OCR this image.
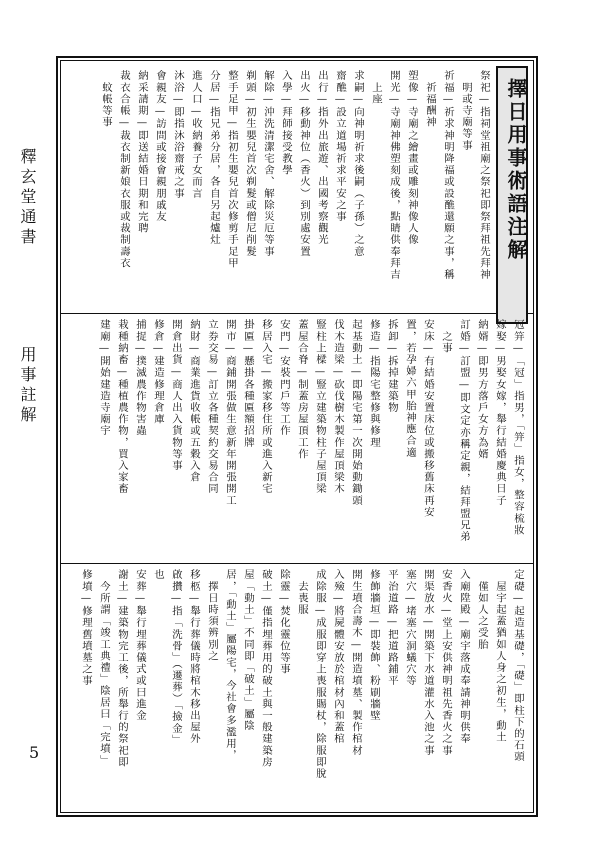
釋玄堂通書
用事註解
5
擇日用事術語注解
祭祀—指祠堂祖廟之祭祀即祭拜祖先拜神
　明或寺廟等事
祈福—祈求神明降福或設醮還願之事，稱
　祈福酬神
塑像—寺廟之繪畫或雕刻神像人像
開光—寺廟神佛塑刻成後，點睛供奉拜吉
　上座
求嗣—向神明祈求後嗣（子孫）之意
齋醮—設立道場祈求平安之事
出行—指外出旅遊、出國考察觀光
出火—移動神位（香火）到別處安置
入學—拜師接受教學
解除—沖洗清潔宅舍、解除災厄等事
剃頭—初生嬰兒首次剃髮或僧尼削髮
整手足甲—指初生嬰兒首次修剪手足甲
分居—指兄弟分居，各自另起爐灶
進人口—收納養子女而言
沐浴—即指沐浴齋戒之事
會親友—訪問或接會親朋戚友
納采請期—即送結婚日期和完聘
裁衣合帳—裁衣制新娘衣服或裁制壽衣
　蚊帳等事
冠笄—「冠」指男，「笄」指女，整容梳妝
嫁娶—男娶女嫁，舉行結婚慶典日子
納婿—即男方落戶女方為婿
訂婚—訂盟—即文定亦稱定親，結拜盟兄弟
　之事
安床—有結婚安置床位或搬移舊床再安
置，若孕婦六甲胎神應合適
拆卸—拆掉建築物
修造—指陽宅整修與修理
起基動土—即陽宅第一次開始動鋤頭
伐木造梁—砍伐樹木製作屋頂梁木
豎柱上樑—豎立建築物柱子屋頂梁
蓋屋合脊—制蓋房屋頂工作
安門—安裝門戶等工作
移居入宅—搬家移住所或進入新宅
掛匾—懸掛各種匾額招牌
開市—商鋪開張做生意新年開張開工
立券交易—訂立各種契約交易合同
納財—商業進貨收帳或五穀入倉
開倉出貨—商人出入貨物等事
修倉—建造修理倉庫
捕捉—撲滅農作物害蟲
栽種納畜—種植農作物，買入家畜
建廟—開始建造寺廟宇
定礎—起造基礎，「礎」即柱下的石頭
　屋宇起蓋猶如人身之初生，動土
　僅如人之受胎
入廟陞殿—廟宇落成奉請神明供奉
安香火—堂上安供神明祖先香火之事
開渠放水—開築下水道灌水入池之事
塞穴—堵塞穴洞蟻穴等
平治道路—把道路鋪平
修飾牆垣—即裝飾、粉刷牆壁
開生墳合壽木—開造墳墓、製作棺材
入殮—將屍體安放於棺材內和蓋棺
成除服—成服即穿上喪服賜杖，除服即脫
　去喪服
除靈—焚化靈位等事
破土—僅指埋葬用的破土與一般建築房
屋「動土」不同即「破土」屬陰
居，「動土」屬陽宅，今社會多濫用，
　擇日時須辨別之
移柩—舉行葬儀時將棺木移出屋外
啟攢—指「洗骨」（遷葬）「撿金」
也
安葬—舉行埋葬儀式或曰進金
謝土—建築物完工後，所舉行的祭祀即
　今所謂「竣工典禮」陰居曰「完墳」
修墳—修理舊墳墓之事
